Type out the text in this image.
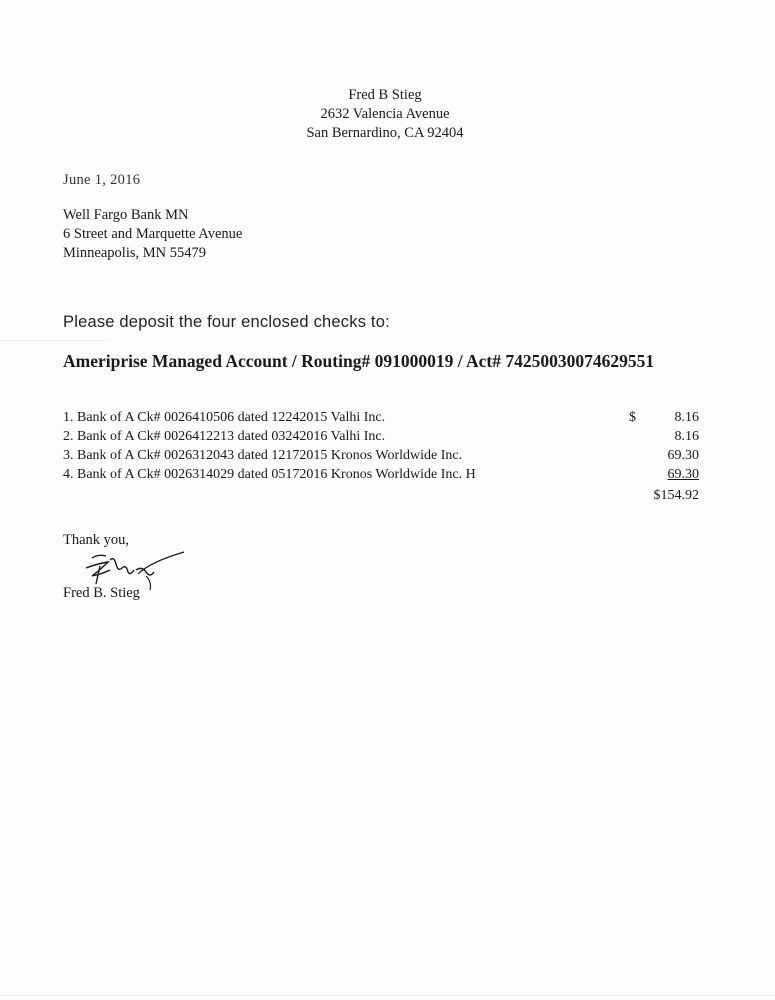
Fred B Stieg
2632 Valencia Avenue
San Bernardino, CA 92404
June 1, 2016
Well Fargo Bank MN
6 Street and Marquette Avenue
Minneapolis, MN 55479
Please deposit the four enclosed checks to:
Ameriprise Managed Account / Routing# 091000019 / Act# 74250030074629551
1. Bank of A Ck# 0026410506 dated 12242015 Valhi Inc.	$	8.16
2. Bank of A Ck# 0026412213 dated 03242016 Valhi Inc.	8.16
3. Bank of A Ck# 0026312043 dated 12172015 Kronos Worldwide Inc.	69.30
4. Bank of A Ck# 0026314029 dated 05172016 Kronos Worldwide Inc. H	69.30
$154.92
Thank you,
Fred B. Stieg
